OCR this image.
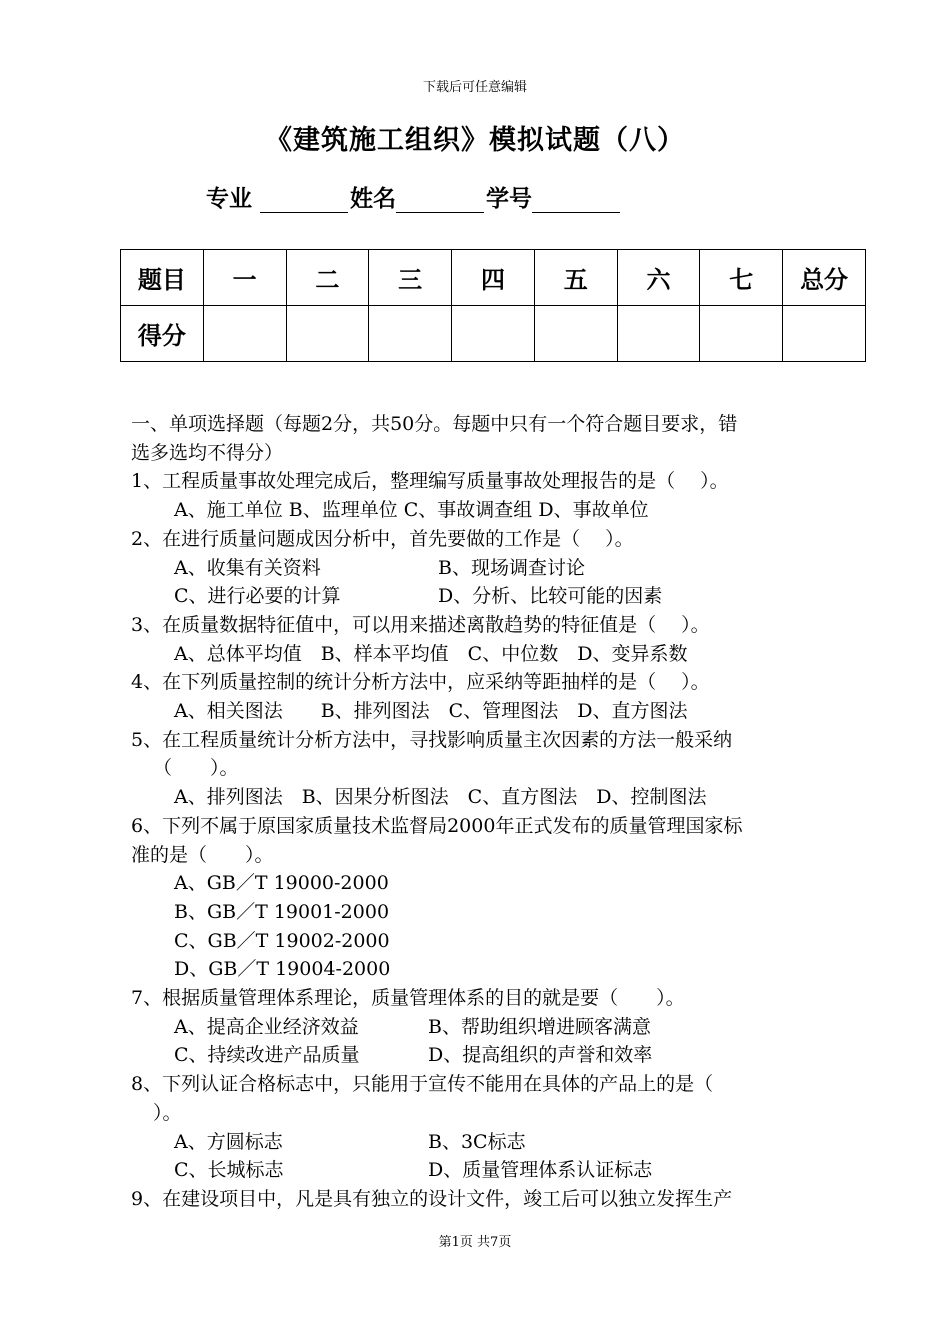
下载后可任意编辑
《建筑施工组织》模拟试题（八）
专业	姓名	学号
题目	一	二	三	四	五	六	七	总分
得分								
一、单项选择题（每题2分，共50分。每题中只有一个符合题目要求，错
选多选均不得分）
1、工程质量事故处理完成后，整理编写质量事故处理报告的是（　 ）。
A、施工单位 B、监理单位 C、事故调查组 D、事故单位
2、在进行质量问题成因分析中，首先要做的工作是（　 ）。
A、收集有关资料	B、现场调查讨论
C、进行必要的计算	D、分析、比较可能的因素
3、在质量数据特征值中，可以用来描述离散趋势的特征值是（　 ）。
A、总体平均值　B、样本平均值　C、中位数　D、变异系数
4、在下列质量控制的统计分析方法中，应采纳等距抽样的是（　 ）。
A、相关图法　　B、排列图法　C、管理图法　D、直方图法
5、在工程质量统计分析方法中，寻找影响质量主次因素的方法一般采纳
（　　）。
A、排列图法　B、因果分析图法　C、直方图法　D、控制图法
6、下列不属于原国家质量技术监督局2000年正式发布的质量管理国家标
准的是（　　）。
A、GB／T 19000-2000
B、GB／T 19001-2000
C、GB／T 19002-2000
D、GB／T 19004-2000
7、根据质量管理体系理论，质量管理体系的目的就是要（　　）。
A、提高企业经济效益	B、帮助组织增进顾客满意
C、持续改进产品质量	D、提高组织的声誉和效率
8、下列认证合格标志中，只能用于宣传不能用在具体的产品上的是（
）。
A、方圆标志	B、3C标志
C、长城标志	D、质量管理体系认证标志
9、在建设项目中，凡是具有独立的设计文件，竣工后可以独立发挥生产
第1页 共7页
